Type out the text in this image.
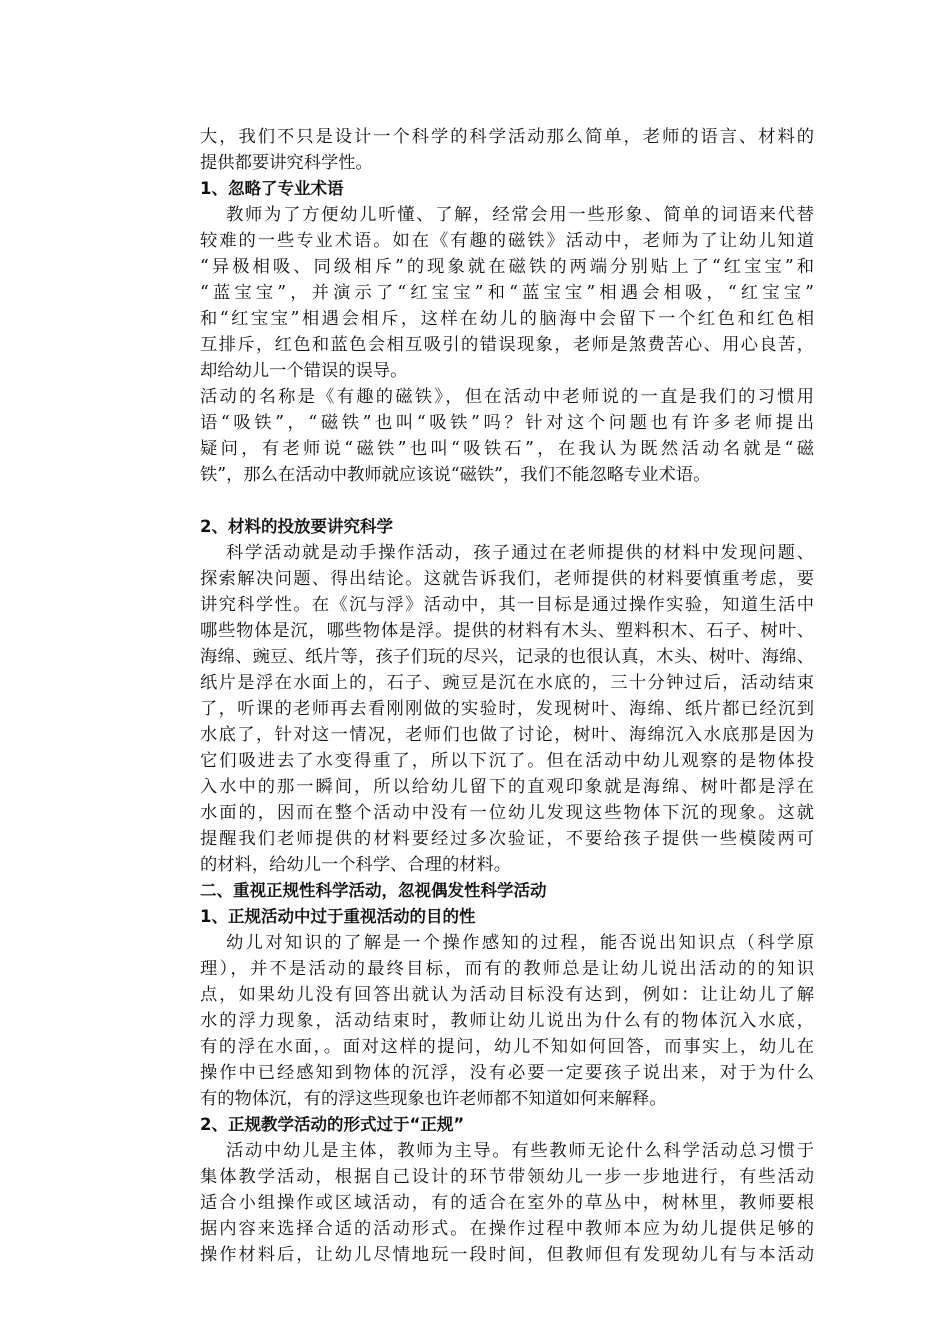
大，我们不只是设计一个科学的科学活动那么简单，老师的语言、材料的
提供都要讲究科学性。
1、忽略了专业术语
教师为了方便幼儿听懂、了解，经常会用一些形象、简单的词语来代替
较难的一些专业术语。如在《有趣的磁铁》活动中，老师为了让幼儿知道
“异极相吸、同级相斥”的现象就在磁铁的两端分别贴上了“红宝宝”和
“蓝宝宝”，并演示了“红宝宝”和“蓝宝宝”相遇会相吸，“红宝宝”
和“红宝宝”相遇会相斥，这样在幼儿的脑海中会留下一个红色和红色相
互排斥，红色和蓝色会相互吸引的错误现象，老师是煞费苦心、用心良苦，
却给幼儿一个错误的误导。
活动的名称是《有趣的磁铁》，但在活动中老师说的一直是我们的习惯用
语“吸铁”，“磁铁”也叫“吸铁”吗？针对这个问题也有许多老师提出
疑问，有老师说“磁铁”也叫“吸铁石”，在我认为既然活动名就是“磁
铁”，那么在活动中教师就应该说“磁铁”，我们不能忽略专业术语。
2、材料的投放要讲究科学
科学活动就是动手操作活动，孩子通过在老师提供的材料中发现问题、
探索解决问题、得出结论。这就告诉我们，老师提供的材料要慎重考虑，要
讲究科学性。在《沉与浮》活动中，其一目标是通过操作实验，知道生活中
哪些物体是沉，哪些物体是浮。提供的材料有木头、塑料积木、石子、树叶、
海绵、豌豆、纸片等，孩子们玩的尽兴，记录的也很认真，木头、树叶、海绵、
纸片是浮在水面上的，石子、豌豆是沉在水底的，三十分钟过后，活动结束
了，听课的老师再去看刚刚做的实验时，发现树叶、海绵、纸片都已经沉到
水底了，针对这一情况，老师们也做了讨论，树叶、海绵沉入水底那是因为
它们吸进去了水变得重了，所以下沉了。但在活动中幼儿观察的是物体投
入水中的那一瞬间，所以给幼儿留下的直观印象就是海绵、树叶都是浮在
水面的，因而在整个活动中没有一位幼儿发现这些物体下沉的现象。这就
提醒我们老师提供的材料要经过多次验证，不要给孩子提供一些模陵两可
的材料，给幼儿一个科学、合理的材料。
二、重视正规性科学活动，忽视偶发性科学活动
1、正规活动中过于重视活动的目的性
幼儿对知识的了解是一个操作感知的过程，能否说出知识点（科学原
理），并不是活动的最终目标，而有的教师总是让幼儿说出活动的的知识
点，如果幼儿没有回答出就认为活动目标没有达到，例如：让让幼儿了解
水的浮力现象，活动结束时，教师让幼儿说出为什么有的物体沉入水底，
有的浮在水面，。面对这样的提问，幼儿不知如何回答，而事实上，幼儿在
操作中已经感知到物体的沉浮，没有必要一定要孩子说出来，对于为什么
有的物体沉，有的浮这些现象也许老师都不知道如何来解释。
2、正规教学活动的形式过于“正规”
活动中幼儿是主体，教师为主导。有些教师无论什么科学活动总习惯于
集体教学活动，根据自己设计的环节带领幼儿一步一步地进行，有些活动
适合小组操作或区域活动，有的适合在室外的草丛中，树林里，教师要根
据内容来选择合适的活动形式。在操作过程中教师本应为幼儿提供足够的
操作材料后，让幼儿尽情地玩一段时间，但教师但有发现幼儿有与本活动
